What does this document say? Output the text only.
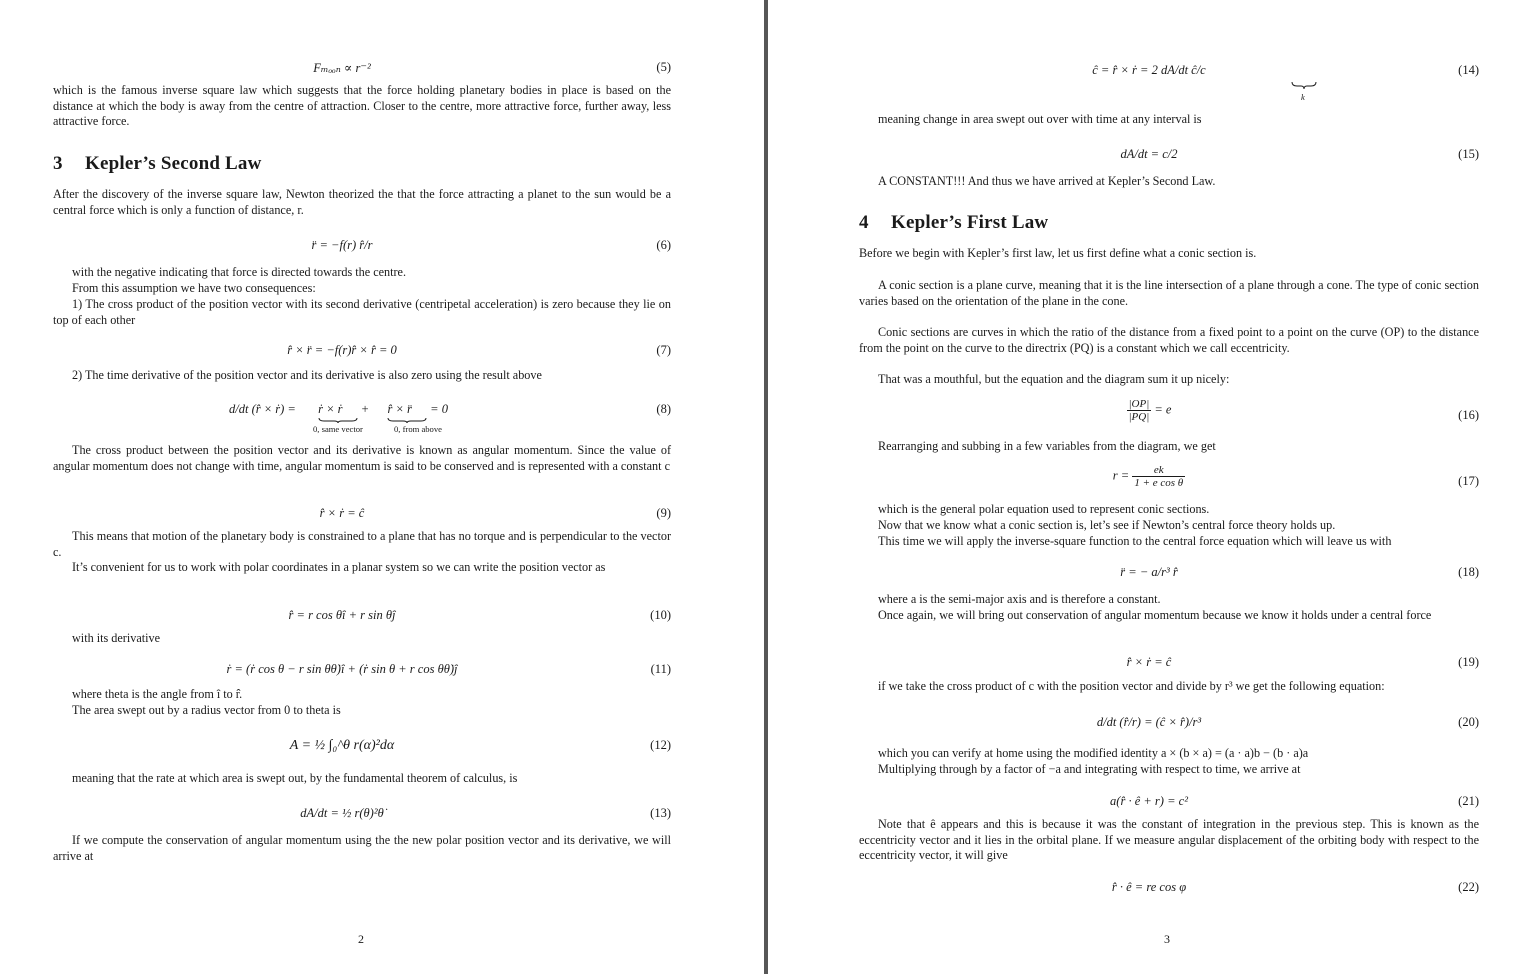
Fₘₒₒₙ ∝ r⁻²	(5)
which is the famous inverse square law which suggests that the force holding planetary bodies in place is based on the distance at which the body is away from the centre of attraction. Closer to the centre, more attractive force, further away, less attractive force.
3 Kepler’s Second Law
After the discovery of the inverse square law, Newton theorized the that the force attracting a planet to the sun would be a central force which is only a function of distance, r.
r̈ = −f(r) r̂/r	(6)
with the negative indicating that force is directed towards the centre.
From this assumption we have two consequences:
1) The cross product of the position vector with its second derivative (centripetal acceleration) is zero because they lie on top of each other
r̂ × r̈ = −f(r)r̂ × r̂ = 0	(7)
2) The time derivative of the position vector and its derivative is also zero using the result above
d/dt (r̂ × ṙ) = ṙ × ṙ + r̂ × r̈ = 0
0, same vector	0, from above
(8)
The cross product between the position vector and its derivative is known as angular momentum. Since the value of angular momentum does not change with time, angular momentum is said to be conserved and is represented with a constant c
r̂ × ṙ = ĉ	(9)
This means that motion of the planetary body is constrained to a plane that has no torque and is perpendicular to the vector c.
It’s convenient for us to work with polar coordinates in a planar system so we can write the position vector as
r̂ = r cos θî + r sin θĵ	(10)
with its derivative
ṙ = (ṙ cos θ − r sin θθ̇)î + (ṙ sin θ + r cos θθ̇)ĵ	(11)
where theta is the angle from î to r̂.
The area swept out by a radius vector from 0 to theta is
A = ½ ∫₀^θ r(α)²dα	(12)
meaning that the rate at which area is swept out, by the fundamental theorem of calculus, is
dA/dt = ½ r(θ)²θ̇	(13)
If we compute the conservation of angular momentum using the the new polar position vector and its derivative, we will arrive at
2
ĉ = r̂ × ṙ = 2 dA/dt ĉ/c
k
(14)
meaning change in area swept out over with time at any interval is
dA/dt = c/2	(15)
A CONSTANT!!! And thus we have arrived at Kepler’s Second Law.
4 Kepler’s First Law
Before we begin with Kepler’s first law, let us first define what a conic section is.
A conic section is a plane curve, meaning that it is the line intersection of a plane through a cone. The type of conic section varies based on the orientation of the plane in the cone.
Conic sections are curves in which the ratio of the distance from a fixed point to a point on the curve (OP) to the distance from the point on the curve to the directrix (PQ) is a constant which we call eccentricity.
That was a mouthful, but the equation and the diagram sum it up nicely:
$\frac{|OP|}{|PQ|} = e$	(16)
Rearranging and subbing in a few variables from the diagram, we get
$r = \frac{ek}{\text{1 + e cos θ}}$	(17)
which is the general polar equation used to represent conic sections.
Now that we know what a conic section is, let’s see if Newton’s central force theory holds up.
This time we will apply the inverse-square function to the central force equation which will leave us with
r̈ = − a/r³ r̂	(18)
where a is the semi-major axis and is therefore a constant.
Once again, we will bring out conservation of angular momentum because we know it holds under a central force
r̂ × ṙ = ĉ	(19)
if we take the cross product of c with the position vector and divide by r³ we get the following equation:
d/dt (r̂/r) = (ĉ × r̂)/r³	(20)
which you can verify at home using the modified identity a × (b × a) = (a · a)b − (b · a)a
Multiplying through by a factor of −a and integrating with respect to time, we arrive at
a(r̂ · ê + r) = c²	(21)
Note that ê appears and this is because it was the constant of integration in the previous step. This is known as the eccentricity vector and it lies in the orbital plane. If we measure angular displacement of the orbiting body with respect to the eccentricity vector, it will give
r̂ · ê = re cos φ	(22)
3
